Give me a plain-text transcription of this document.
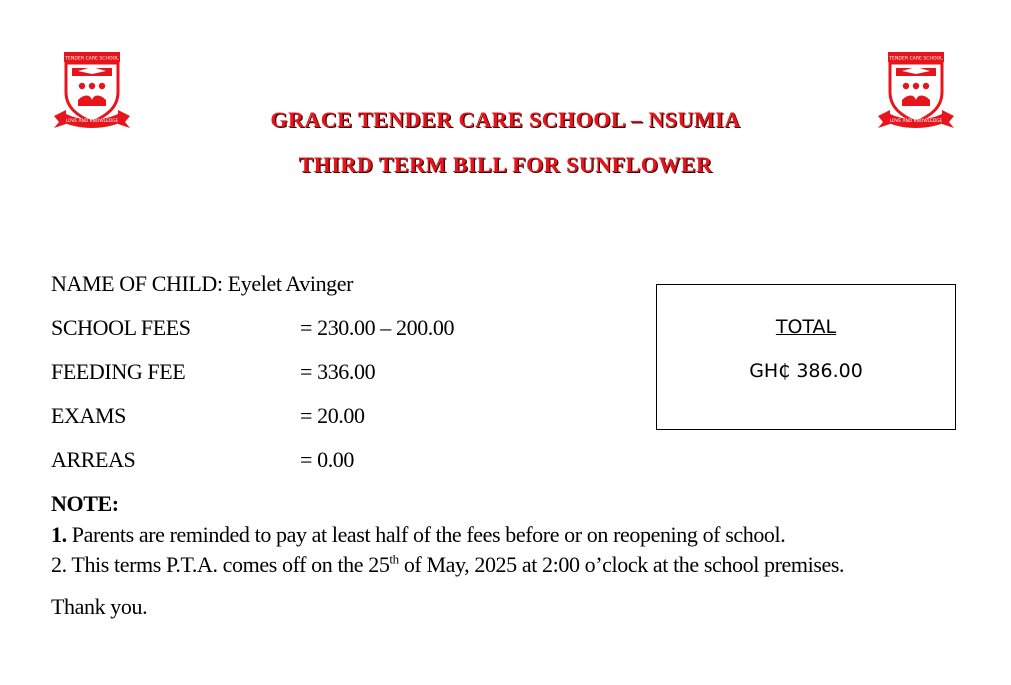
TENDER CARE SCHOOL
LOVE AND KNOWLEDGE
TENDER CARE SCHOOL
LOVE AND KNOWLEDGE
GRACE TENDER CARE SCHOOL – NSUMIA
THIRD TERM BILL FOR SUNFLOWER
NAME OF CHILD: Eyelet Avinger
SCHOOL FEES	= 230.00 – 200.00
FEEDING FEE	= 336.00
EXAMS	= 20.00
ARREAS	= 0.00
TOTAL
GH₵ 386.00

NOTE:

1. Parents are reminded to pay at least half of the fees before or on reopening of school.

2. This terms P.T.A. comes off on the 25th of May, 2025 at 2:00 o’clock at the school premises.

Thank you.
